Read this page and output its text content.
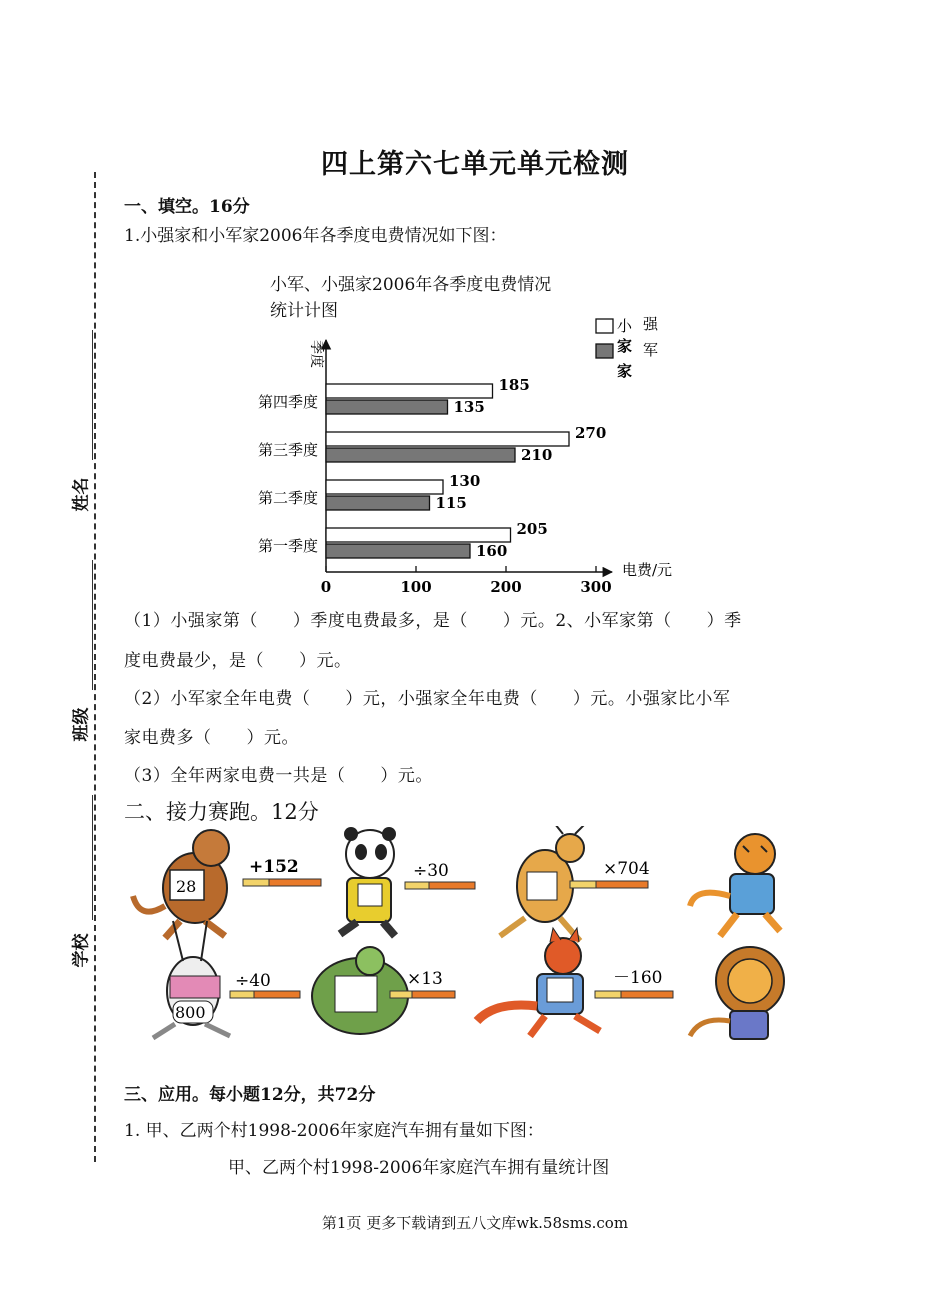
姓名
班级
学校
四上第六七单元单元检测
一、填空。16分
1.小强家和小军家2006年各季度电费情况如下图：
小军、小强家2006年各季度电费情况
统计计图
小 强
家 军
家
季度
电费/元
第四季度
185
135
第三季度
270
210
第二季度
130
115
第一季度
205
160
0	100	200	300
（1）小强家第（　　）季度电费最多，是（　　）元。2、小军家第（　　）季
度电费最少，是（　　）元。
（2）小军家全年电费（　　）元，小强家全年电费（　　）元。小强家比小军
家电费多（　　）元。
（3）全年两家电费一共是（　　）元。
二、接力赛跑。12分
28
+152	÷30	×704
800
÷40	×13	－160
三、应用。每小题12分，共72分
1. 甲、乙两个村1998-2006年家庭汽车拥有量如下图：
甲、乙两个村1998-2006年家庭汽车拥有量统计图
第1页 更多下载请到五八文库wk.58sms.com
